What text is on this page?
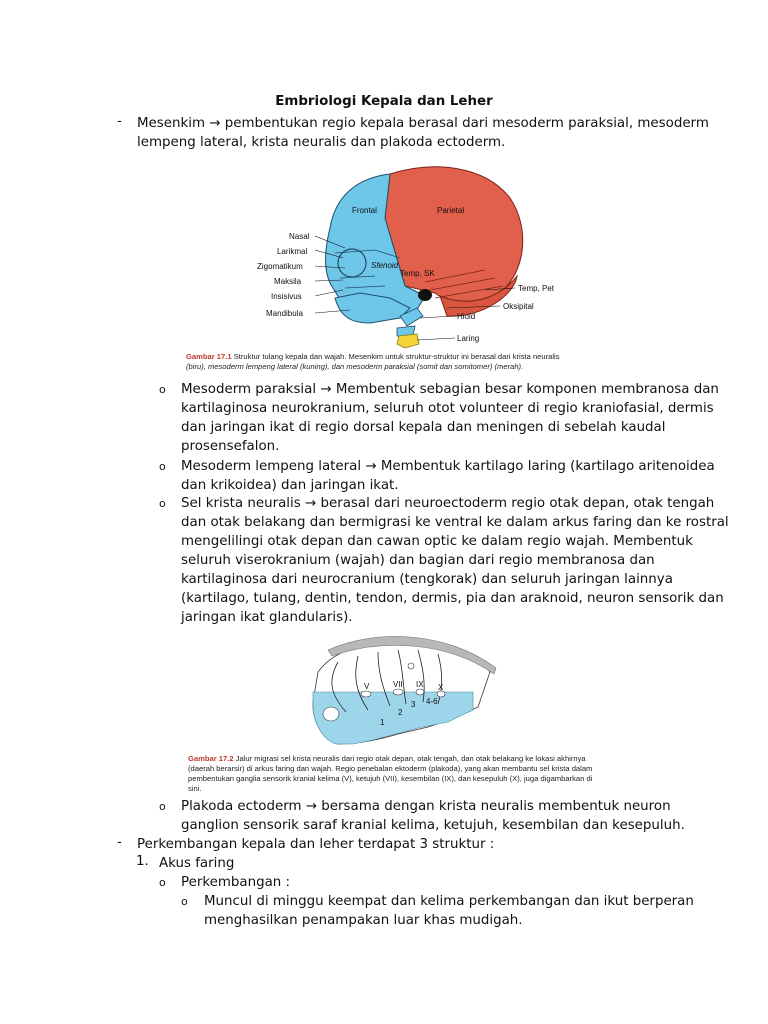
Embriologi Kepala dan Leher
- Mesenkim → pembentukan regio kepala berasal dari mesoderm paraksial, mesoderm
lempeng lateral, krista neuralis dan plakoda ectoderm.
Frontal	Parietal
Nasal
Larikmal
Zigomatikum
Maksila
Insisivus
Mandibula
Sfenoid
Temp, SK
Temp, Pet
Oksipital
Hioid
Laring
Gambar 17.1 Struktur tulang kepala dan wajah. Mesenkim untuk struktur-struktur ini berasal dari krista neuralis
(biru), mesoderm lempeng lateral (kuning), dan mesoderm paraksial (somit dan somitomer) (merah).
o Mesoderm paraksial → Membentuk sebagian besar komponen membranosa dan
kartilaginosa neurokranium, seluruh otot volunteer di regio kraniofasial, dermis
dan jaringan ikat di regio dorsal kepala dan meningen di sebelah kaudal
prosensefalon.
o Mesoderm lempeng lateral → Membentuk kartilago laring (kartilago aritenoidea
dan krikoidea) dan jaringan ikat.
o Sel krista neuralis → berasal dari neuroectoderm regio otak depan, otak tengah
dan otak belakang dan bermigrasi ke ventral ke dalam arkus faring dan ke rostral
mengelilingi otak depan dan cawan optic ke dalam regio wajah. Membentuk
seluruh viserokranium (wajah) dan bagian dari regio membranosa dan
kartilaginosa dari neurocranium (tengkorak) dan seluruh jaringan lainnya
(kartilago, tulang, dentin, tendon, dermis, pia dan araknoid, neuron sensorik dan
jaringan ikat glandularis).
V	VII IX X
1
2
3 4-6
Gambar 17.2 Jalur migrasi sel krista neuralis dari regio otak depan, otak tengah, dan otak belakang ke lokasi akhirnya
(daerah berarsir) di arkus faring dan wajah. Regio penebalan ektoderm (plakoda), yang akan membantu sel krista dalam
pembentukan ganglia sensorik kranial kelima (V), ketujuh (VII), kesembilan (IX), dan kesepuluh (X), juga digambarkan di
sini.
o Plakoda ectoderm → bersama dengan krista neuralis membentuk neuron
ganglion sensorik saraf kranial kelima, ketujuh, kesembilan dan kesepuluh.
- Perkembangan kepala dan leher terdapat 3 struktur :
1. Akus faring
o Perkembangan :
o Muncul di minggu keempat dan kelima perkembangan dan ikut berperan
menghasilkan penampakan luar khas mudigah.
